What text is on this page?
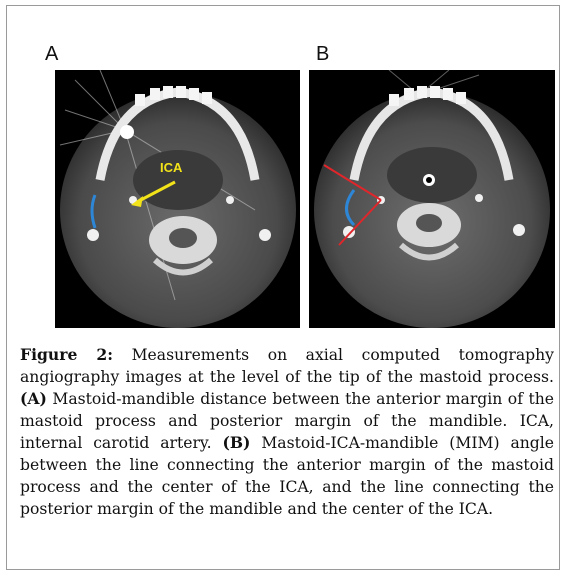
A	B
ICA
Figure 2: Measurements on axial computed tomography angiography images at the level of the tip of the mastoid process. (A) Mastoid-mandible distance between the anterior margin of the mastoid process and posterior margin of the mandible. ICA, internal carotid artery. (B) Mastoid-ICA-mandible (MIM) angle between the line connecting the anterior margin of the mastoid process and the center of the ICA, and the line connecting the posterior margin of the mandible and the center of the ICA.
